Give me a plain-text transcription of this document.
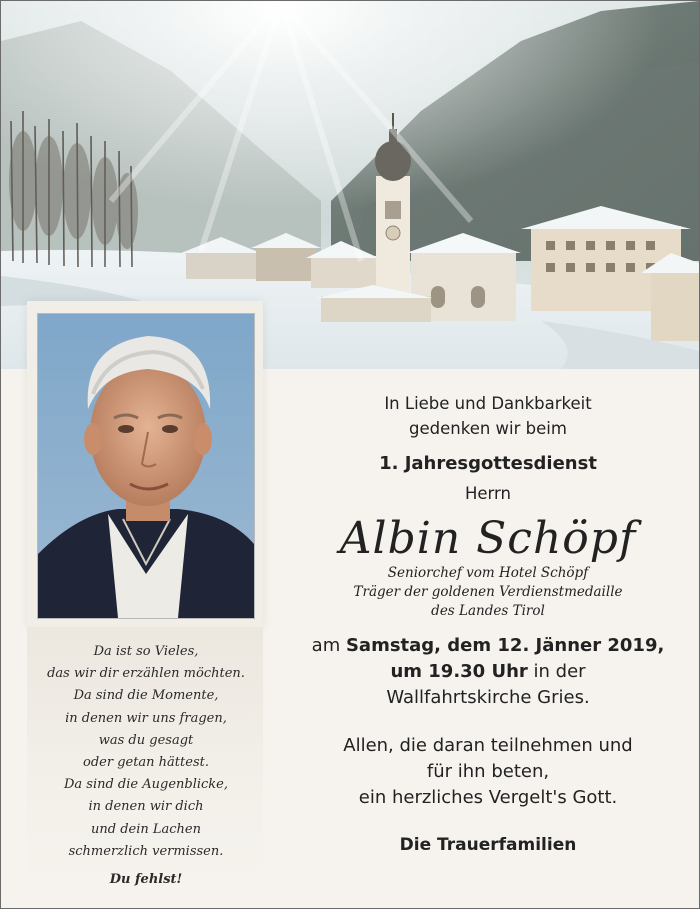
Da ist so Vieles,
das wir dir erzählen möchten.
Da sind die Momente,
in denen wir uns fragen,
was du gesagt
oder getan hättest.
Da sind die Augenblicke,
in denen wir dich
und dein Lachen
schmerzlich vermissen.
Du fehlst!
In Liebe und Dankbarkeit
gedenken wir beim
1. Jahresgottesdienst
Herrn
Albin Schöpf
Seniorchef vom Hotel Schöpf
Träger der goldenen Verdienstmedaille
des Landes Tirol
am Samstag, dem 12. Jänner 2019,
um 19.30 Uhr in der
Wallfahrtskirche Gries.
Allen, die daran teilnehmen und
für ihn beten,
ein herzliches Vergelt's Gott.
Die Trauerfamilien
